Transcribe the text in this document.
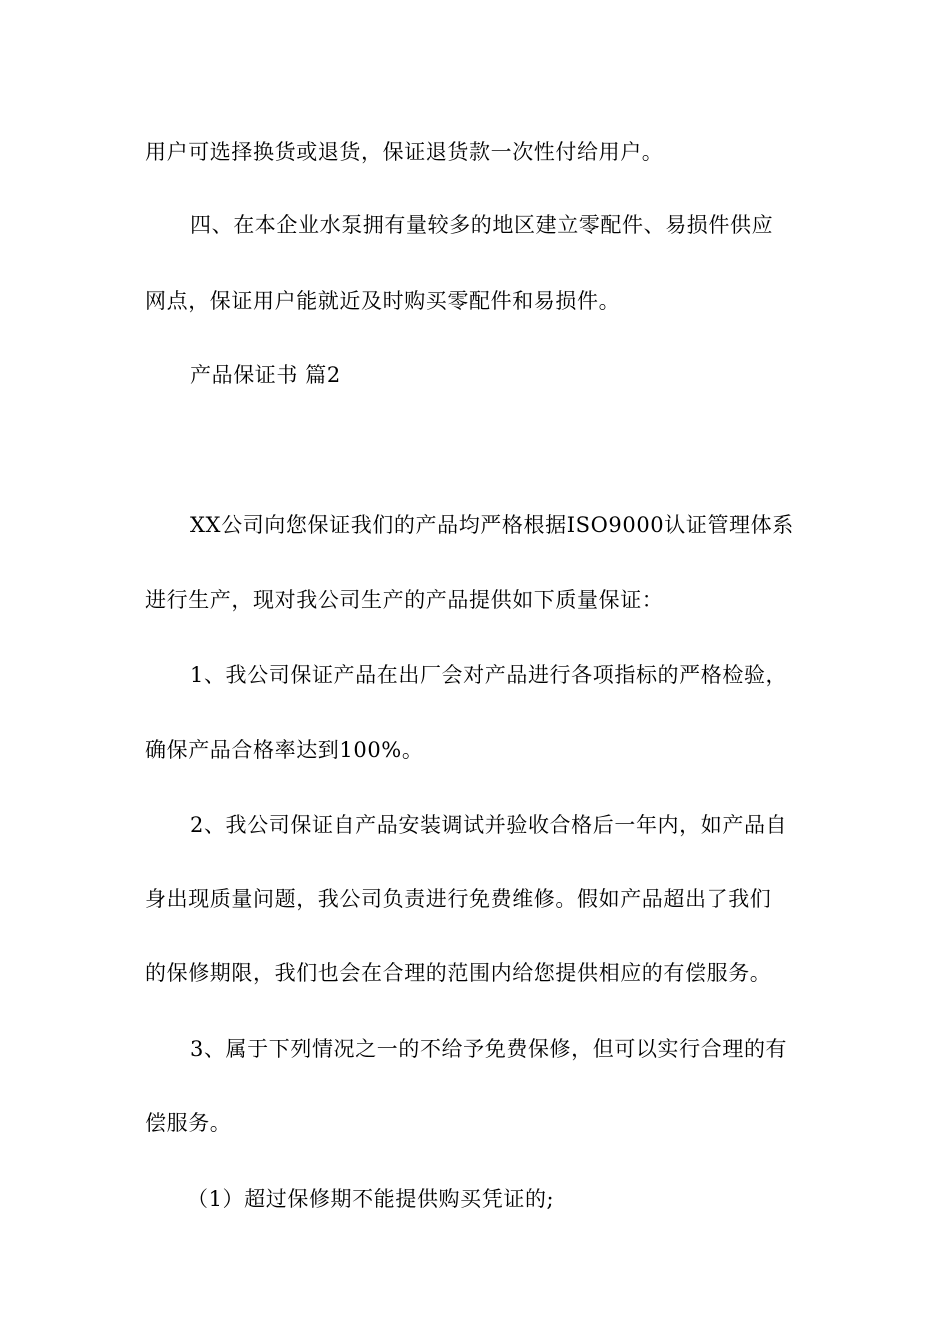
用户可选择换货或退货，保证退货款一次性付给用户。
四、在本企业水泵拥有量较多的地区建立零配件、易损件供应
网点，保证用户能就近及时购买零配件和易损件。
产品保证书 篇2
XX公司向您保证我们的产品均严格根据ISO9000认证管理体系
进行生产，现对我公司生产的产品提供如下质量保证：
1、我公司保证产品在出厂会对产品进行各项指标的严格检验，
确保产品合格率达到100%。
2、我公司保证自产品安装调试并验收合格后一年内，如产品自
身出现质量问题，我公司负责进行免费维修。假如产品超出了我们
的保修期限，我们也会在合理的范围内给您提供相应的有偿服务。
3、属于下列情况之一的不给予免费保修，但可以实行合理的有
偿服务。
（1）超过保修期不能提供购买凭证的;
